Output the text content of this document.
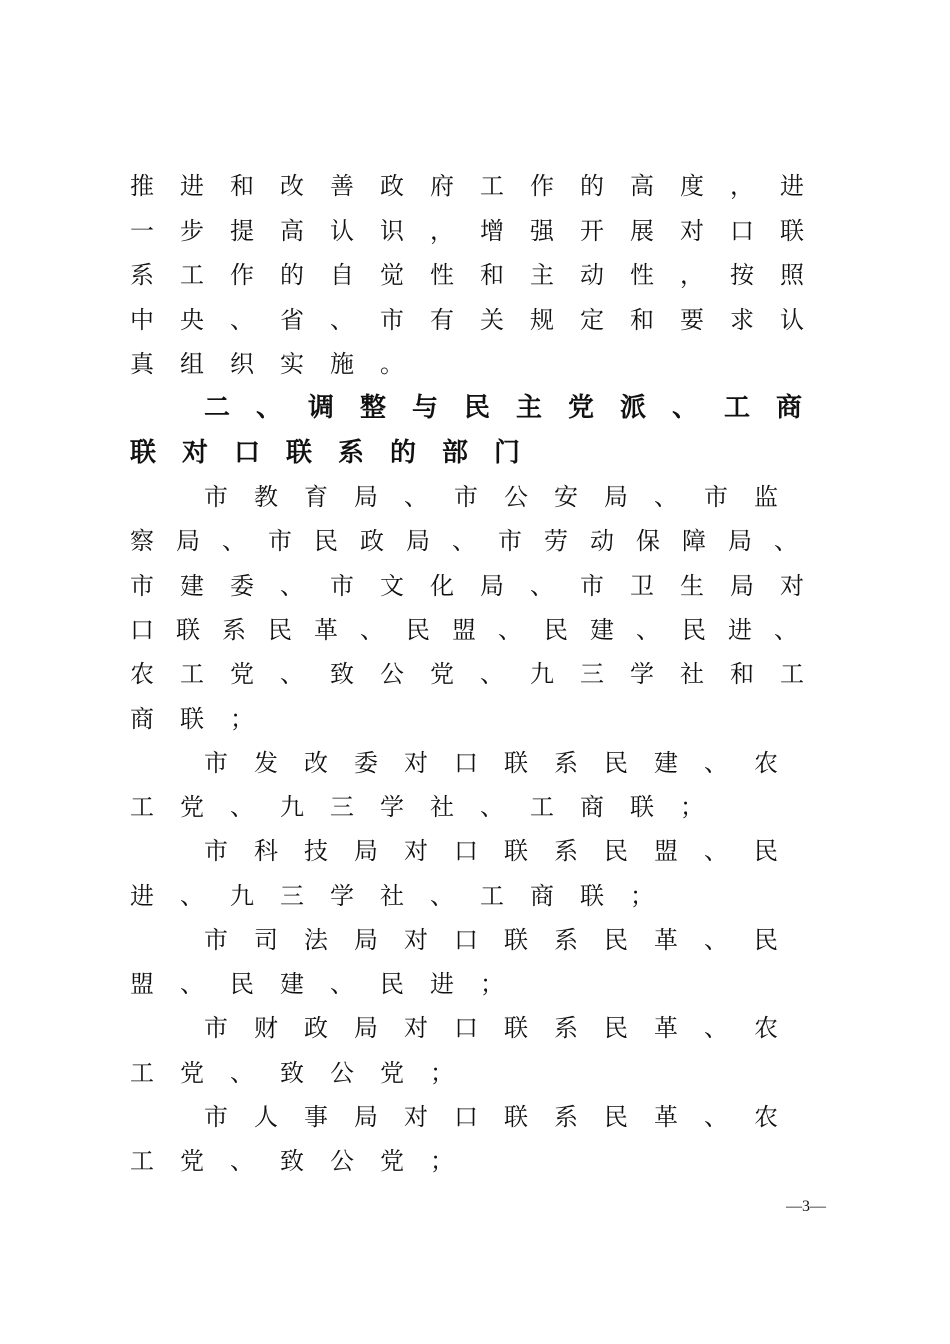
推进和改善政府工作的高度，进
一步提高认识，增强开展对口联
系工作的自觉性和主动性，按照
中央、省、市有关规定和要求认
真组织实施。
二、调整与民主党派、工商
联对口联系的部门
市教育局、市公安局、市监
察局、市民政局、市劳动保障局、
市建委、市文化局、市卫生局对
口联系民革、民盟、民建、民进、
农工党、致公党、九三学社和工
商联；
市发改委对口联系民建、农
工党、九三学社、工商联；
市科技局对口联系民盟、民
进、九三学社、工商联；
市司法局对口联系民革、民
盟、民建、民进；
市财政局对口联系民革、农
工党、致公党；
市人事局对口联系民革、农
工党、致公党；
—3—
